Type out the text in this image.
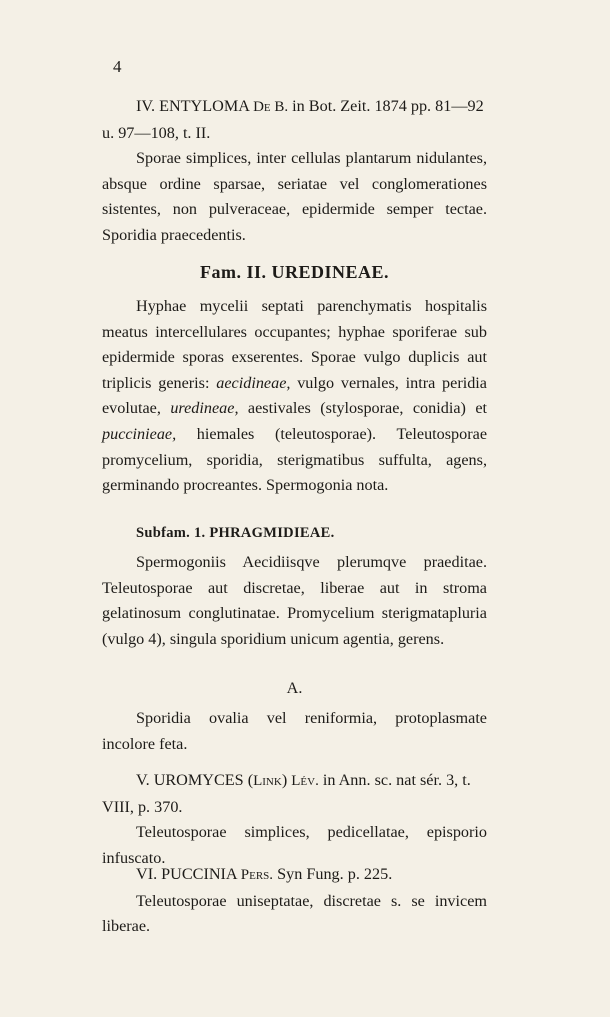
4

IV. ENTYLOMA De B. in Bot. Zeit. 1874 pp. 81—92

u. 97—108, t. II.

Sporae simplices, inter cellulas plantarum nidulantes, absque ordine sparsae, seriatae vel conglomerationes sistentes, non pulveraceae, epidermide semper tectae. Sporidia praecedentis.

Fam. II. UREDINEAE.

Hyphae mycelii septati parenchymatis hospitalis meatus intercellulares occupantes; hyphae sporiferae sub epidermide sporas exserentes. Sporae vulgo duplicis aut triplicis generis: aecidineae, vulgo vernales, intra peridia evolutae, uredineae, aestivales (stylosporae, conidia) et puccinieae, hiemales (teleutosporae). Teleutosporae promycelium, sporidia, sterigmatibus suffulta, agens, germinando procreantes. Spermogonia nota.

Subfam. 1. PHRAGMIDIEAE.

Spermogoniis Aecidiisqve plerumqve praeditae. Teleutosporae aut discretae, liberae aut in stroma gelatinosum conglutinatae. Promycelium sterigmatapluria (vulgo 4), singula sporidium unicum agentia, gerens.

A.

Sporidia ovalia vel reniformia, protoplasmate incolore feta.

V. UROMYCES (Link) Lév. in Ann. sc. nat sér. 3, t.

VIII, p. 370.

Teleutosporae simplices, pedicellatae, episporio infuscato.

VI. PUCCINIA Pers. Syn Fung. p. 225.

Teleutosporae uniseptatae, discretae s. se invicem liberae.
